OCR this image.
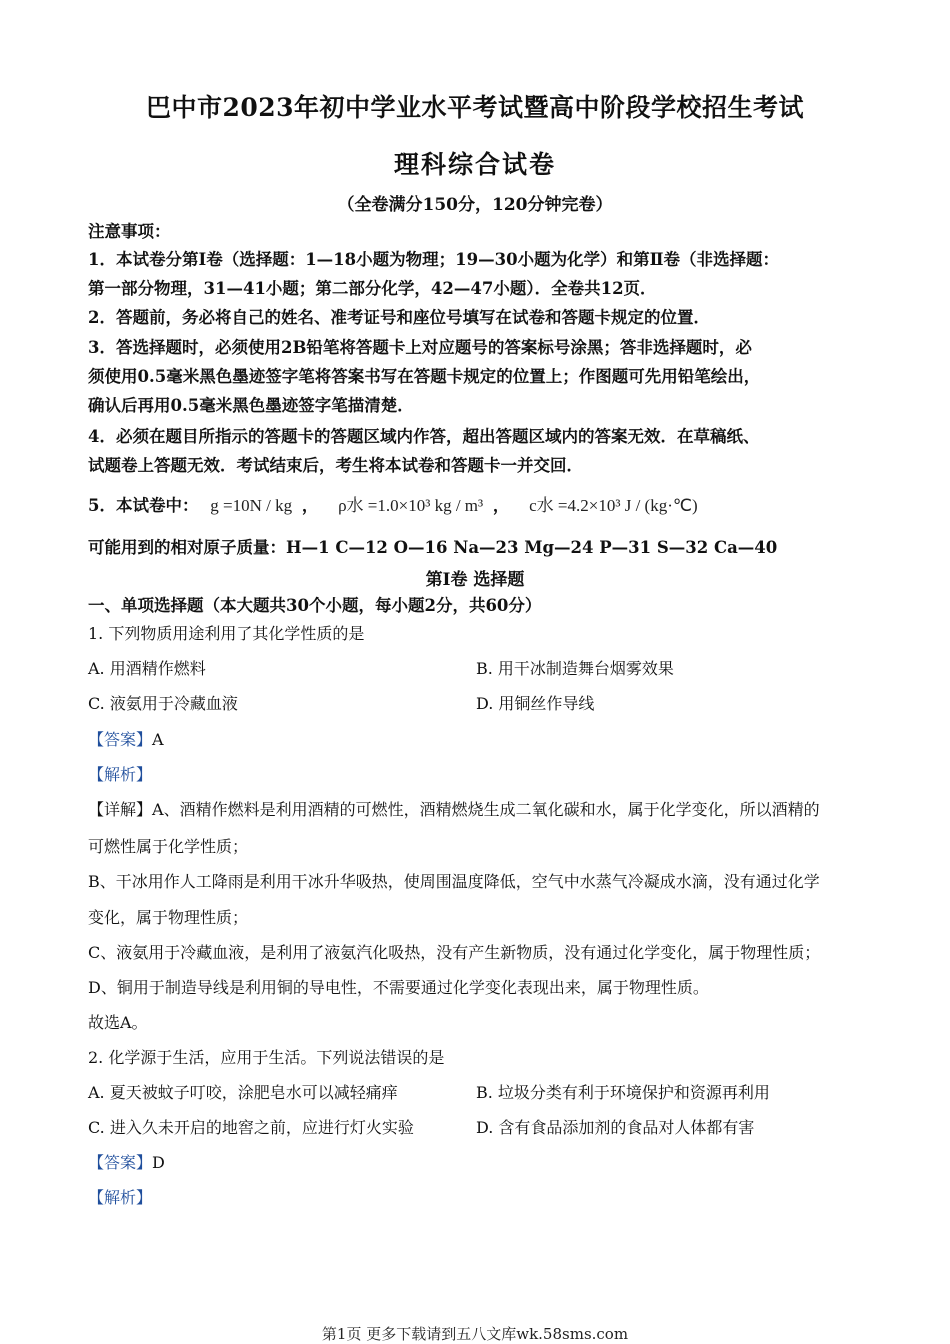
巴中市2023年初中学业水平考试暨高中阶段学校招生考试
理科综合试卷
（全卷满分150分，120分钟完卷）
注意事项：
1．本试卷分第Ⅰ卷（选择题：1—18小题为物理；19—30小题为化学）和第Ⅱ卷（非选择题：
第一部分物理，31—41小题；第二部分化学，42—47小题）．全卷共12页．
2．答题前，务必将自己的姓名、准考证号和座位号填写在试卷和答题卡规定的位置．
3．答选择题时，必须使用2B铅笔将答题卡上对应题号的答案标号涂黑；答非选择题时，必
须使用0.5毫米黑色墨迹签字笔将答案书写在答题卡规定的位置上；作图题可先用铅笔绘出，
确认后再用0.5毫米黑色墨迹签字笔描清楚．
4．必须在题目所指示的答题卡的答题区域内作答，超出答题区域内的答案无效．在草稿纸、
试题卷上答题无效．考试结束后，考生将本试卷和答题卡一并交回．
5．本试卷中： g =10N / kg ， ρ水 =1.0×10³ kg / m³ ， c水 =4.2×10³ J / (kg·℃)
可能用到的相对原子质量：H—1 C—12 O—16 Na—23 Mg—24 P—31 S—32 Ca—40
第Ⅰ卷 选择题
一、单项选择题（本大题共30个小题，每小题2分，共60分）
1. 下列物质用途利用了其化学性质的是
A. 用酒精作燃料	B. 用干冰制造舞台烟雾效果
C. 液氨用于冷藏血液	D. 用铜丝作导线
【答案】A
【解析】
【详解】A、酒精作燃料是利用酒精的可燃性，酒精燃烧生成二氧化碳和水，属于化学变化，所以酒精的
可燃性属于化学性质；
B、干冰用作人工降雨是利用干冰升华吸热，使周围温度降低，空气中水蒸气冷凝成水滴，没有通过化学
变化，属于物理性质；
C、液氨用于冷藏血液，是利用了液氨汽化吸热，没有产生新物质，没有通过化学变化，属于物理性质；
D、铜用于制造导线是利用铜的导电性，不需要通过化学变化表现出来，属于物理性质。
故选A。
2. 化学源于生活，应用于生活。下列说法错误的是
A. 夏天被蚊子叮咬，涂肥皂水可以减轻痛痒	B. 垃圾分类有利于环境保护和资源再利用
C. 进入久未开启的地窖之前，应进行灯火实验	D. 含有食品添加剂的食品对人体都有害
【答案】D
【解析】
第1页 更多下载请到五八文库wk.58sms.com
